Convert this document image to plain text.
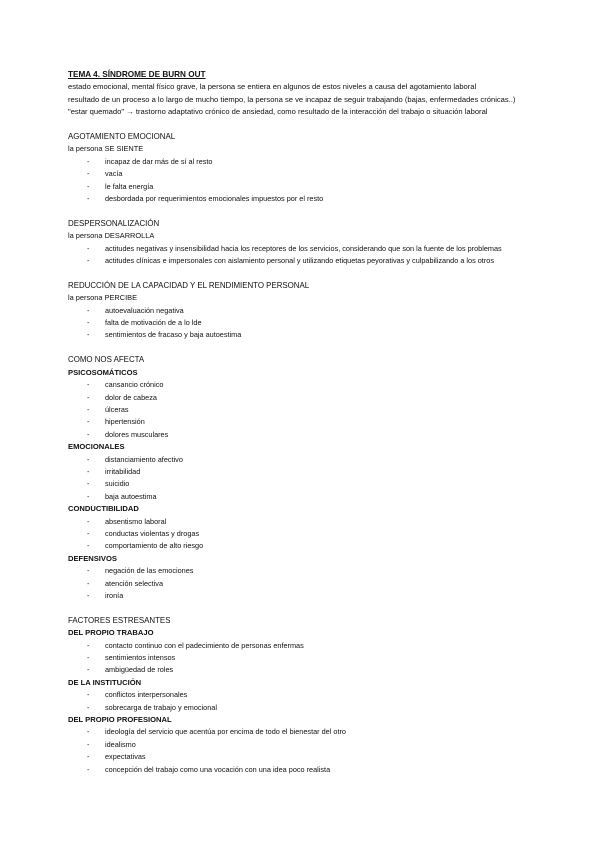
TEMA 4. SÍNDROME DE BURN OUT
estado emocional, mental físico grave, la persona se entiera en algunos de estos niveles a causa del agotamiento laboral
resultado de un proceso a lo largo de mucho tiempo, la persona se ve incapaz de seguir trabajando (bajas, enfermedades crónicas..)
"estar quemado" → trastorno adaptativo crónico de ansiedad, como resultado de la interacción del trabajo o situación laboral
AGOTAMIENTO EMOCIONAL
la persona SE SIENTE
- incapaz de dar más de sí al resto
- vacía
- le falta energía
- desbordada por requerimientos emocionales impuestos por el resto
DESPERSONALIZACIÓN
la persona DESARROLLA
- actitudes negativas y insensibilidad hacia los receptores de los servicios, considerando que son la fuente de los problemas
- actitudes clínicas e impersonales con aislamiento personal y utilizando etiquetas peyorativas y culpabilizando a los otros
REDUCCIÓN DE LA CAPACIDAD Y EL RENDIMIENTO PERSONAL
la persona PERCIBE
- autoevaluación negativa
- falta de motivación de a lo lde
- sentimientos de fracaso y baja autoestima
COMO NOS AFECTA
PSICOSOMÁTICOS
- cansancio crónico
- dolor de cabeza
- úlceras
- hipertensión
- dolores musculares
EMOCIONALES
- distanciamiento afectivo
- irritabilidad
- suicidio
- baja autoestima
CONDUCTIBILIDAD
- absentismo laboral
- conductas violentas y drogas
- comportamiento de alto riesgo
DEFENSIVOS
- negación de las emociones
- atención selectiva
- ironía
FACTORES ESTRESANTES
DEL PROPIO TRABAJO
- contacto continuo con el padecimiento de personas enfermas
- sentimientos intensos
- ambigüedad de roles
DE LA INSTITUCIÓN
- conflictos interpersonales
- sobrecarga de trabajo y emocional
DEL PROPIO PROFESIONAL
- ideología del servicio que acentúa por encima de todo el bienestar del otro
- idealismo
- expectativas
- concepción del trabajo como una vocación con una idea poco realista
